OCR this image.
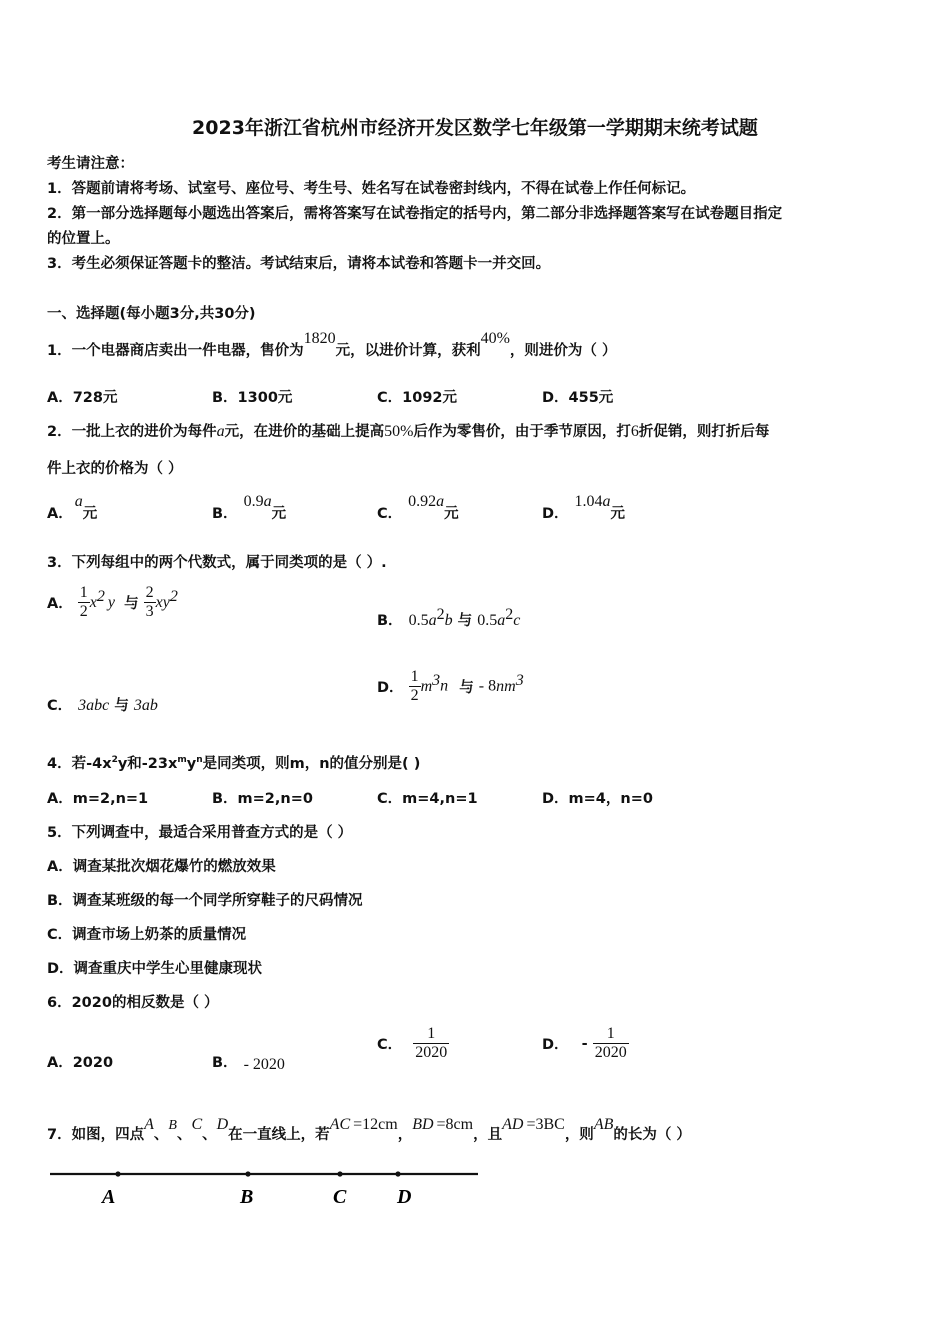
2023年浙江省杭州市经济开发区数学七年级第一学期期末统考试题
考生请注意：
1．答题前请将考场、试室号、座位号、考生号、姓名写在试卷密封线内，不得在试卷上作任何标记。
2．第一部分选择题每小题选出答案后，需将答案写在试卷指定的括号内，第二部分非选择题答案写在试卷题目指定
的位置上。
3．考生必须保证答题卡的整洁。考试结束后，请将本试卷和答题卡一并交回。
一、选择题(每小题3分,共30分)
1．一个电器商店卖出一件电器，售价为1820元，以进价计算，获利40%，则进价为（ ）
A．728元	B．1300元	C．1092元	D．455元
2．一批上衣的进价为每件a元，在进价的基础上提高50%后作为零售价，由于季节原因，打6折促销，则打折后每
件上衣的价格为（ ）
A．a元	B．0.9a元	C．0.92a元	D．1.04a元
3．下列每组中的两个代数式，属于同类项的是（ ）.
A． $\frac{1}{2} x^2$ y 与 $\frac{2}{3} xy^2$
B． $0.5a^2b$ 与 $0.5a^2c$
C． 3abc 与 3ab
D． $\frac{1}{2} m^3n$ 与 - $8nm^3$
4．若$-4x^2y$和$-23x^my^n$是同类项，则m，n的值分别是( )
A．m=2,n=1	B．m=2,n=0	C．m=4,n=1	D．m=4，n=0
5．下列调查中，最适合采用普查方式的是（ ）
A．调查某批次烟花爆竹的燃放效果
B．调查某班级的每一个同学所穿鞋子的尺码情况
C．调查市场上奶茶的质量情况
D．调查重庆中学生心里健康现状
6．2020的相反数是（ ）
A．2020	B． - 2020
C． $\frac{1}{2020}$	D． - $\frac{1}{2020}$
7．如图，四点A、B、C、D在一直线上，若AC =12cm，BD =8cm，且AD =3BC，则AB的长为（ ）
A	B	C	D
